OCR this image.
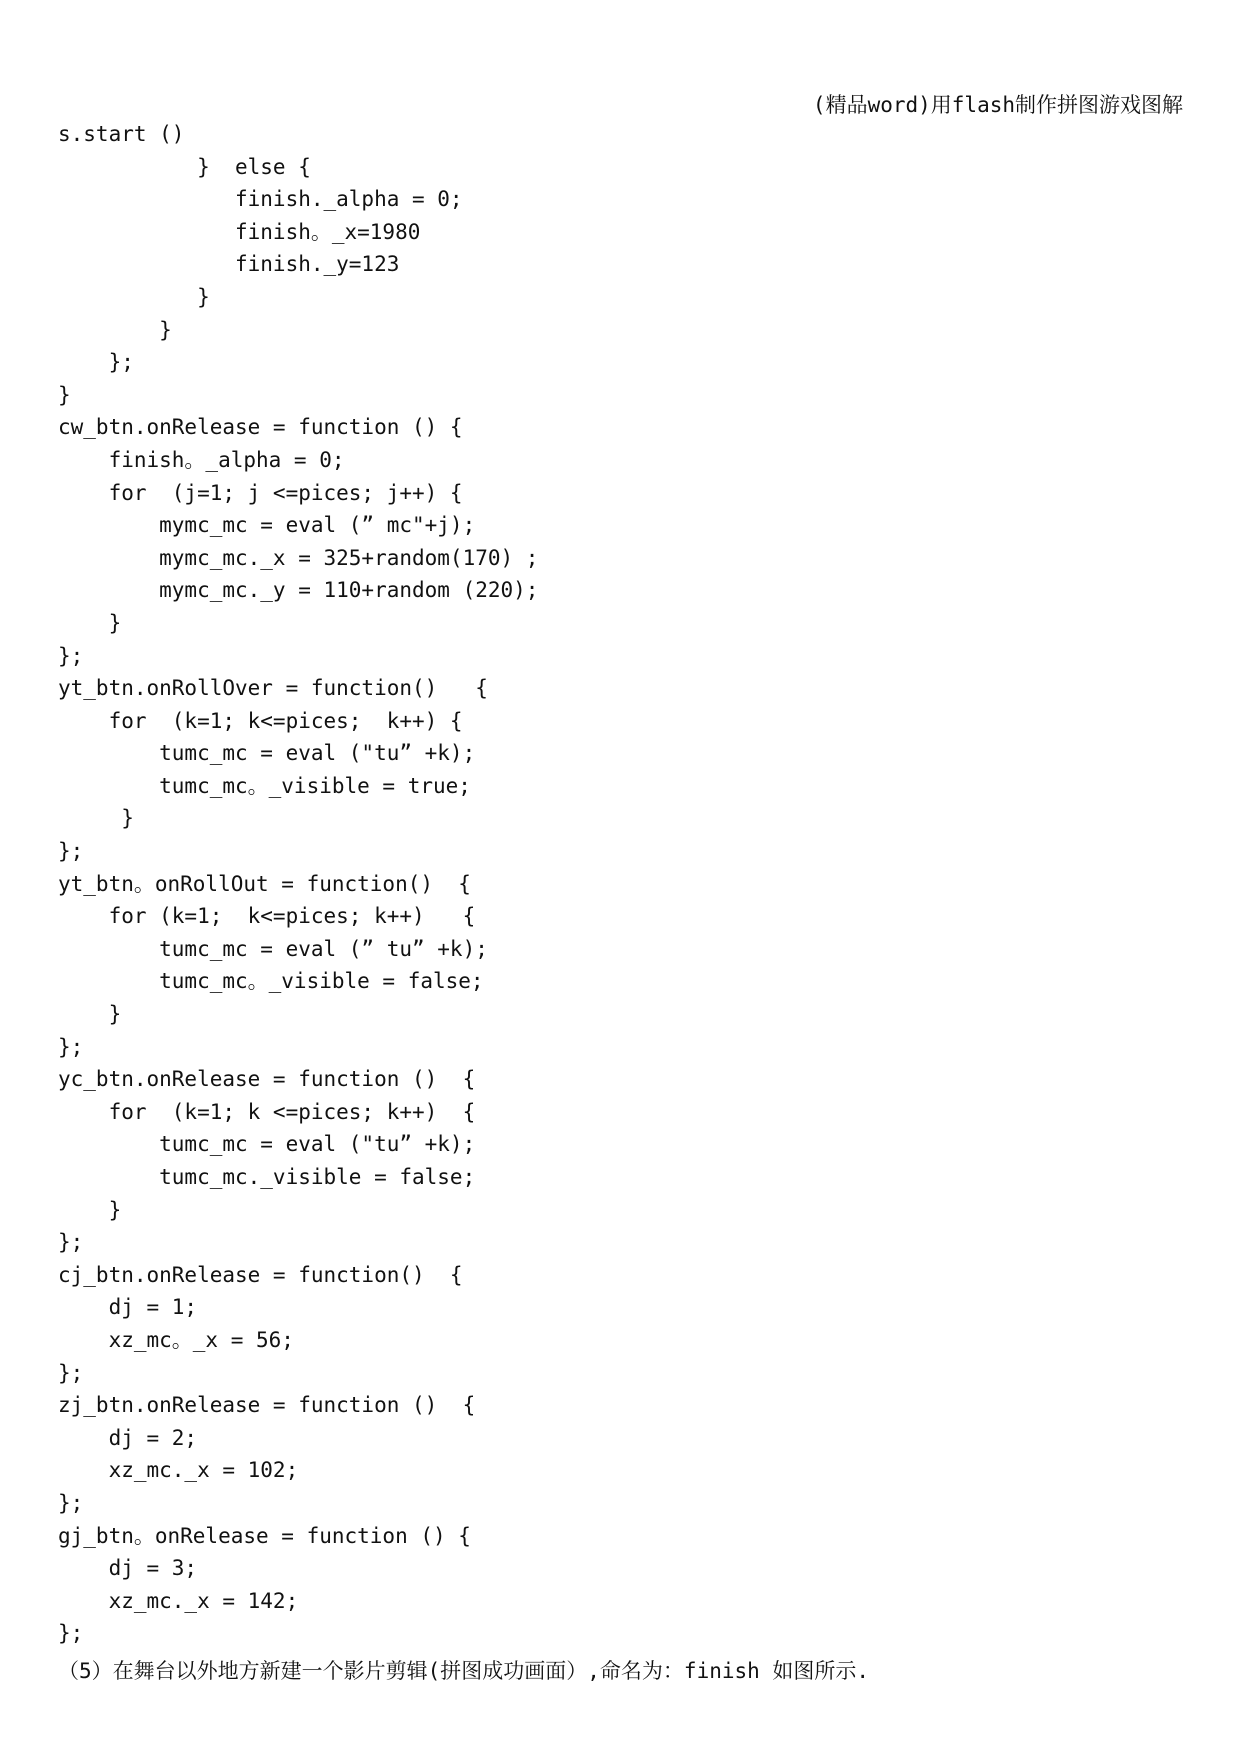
(精品word)用flash制作拼图游戏图解
s.start ()
}  else {
finish._alpha = 0;
finish。_x=1980
finish._y=123
}
}
};
}
cw_btn.onRelease = function () {
finish。_alpha = 0;
for  (j=1; j <=pices; j++) {
mymc_mc = eval (” mc"+j);
mymc_mc._x = 325+random(170) ;
mymc_mc._y = 110+random (220);
}
};
yt_btn.onRollOver = function()   {
for  (k=1; k<=pices;  k++) {
tumc_mc = eval ("tu” +k);
tumc_mc。_visible = true;
}
};
yt_btn。onRollOut = function()  {
for (k=1;  k<=pices; k++)   {
tumc_mc = eval (” tu” +k);
tumc_mc。_visible = false;
}
};
yc_btn.onRelease = function ()  {
for  (k=1; k <=pices; k++)  {
tumc_mc = eval ("tu” +k);
tumc_mc._visible = false;
}
};
cj_btn.onRelease = function()  {
dj = 1;
xz_mc。_x = 56;
};
zj_btn.onRelease = function ()  {
dj = 2;
xz_mc._x = 102;
};
gj_btn。onRelease = function () {
dj = 3;
xz_mc._x = 142;
};
（5）在舞台以外地方新建一个影片剪辑(拼图成功画面）,命名为：finish 如图所示.
